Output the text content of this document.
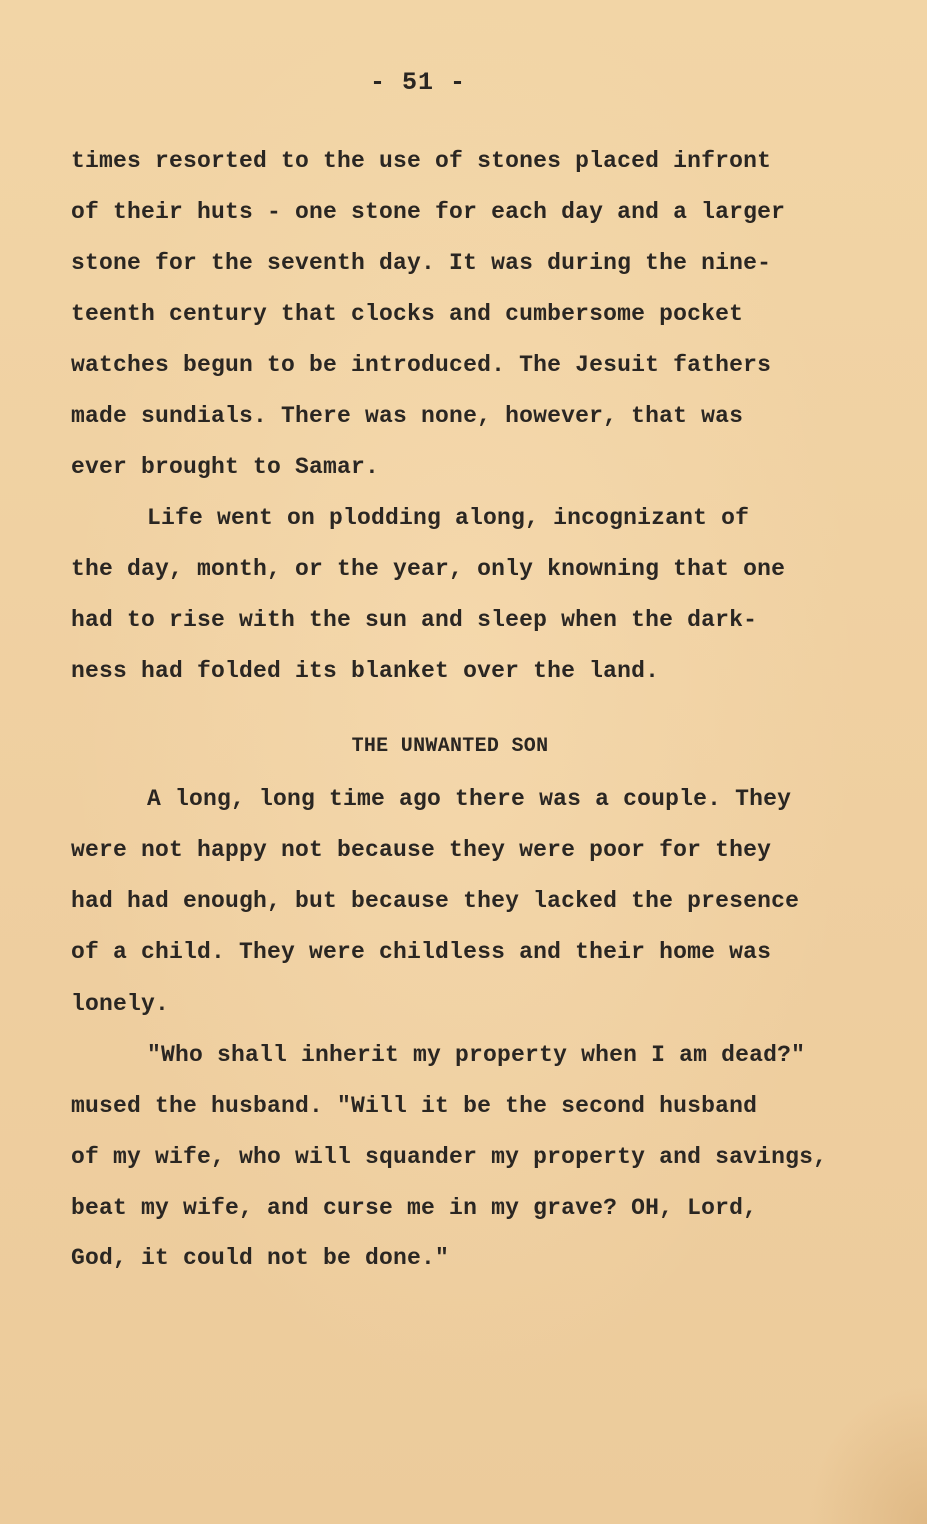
- 51 -
times resorted to the use of stones placed infront
of their huts - one stone for each day and a larger
stone for the seventh day. It was during the nine-
teenth century that clocks and cumbersome pocket
watches begun to be introduced. The Jesuit fathers
made sundials. There was none, however, that was
ever brought to Samar.
Life went on plodding along, incognizant of
the day, month, or the year, only knowning that one
had to rise with the sun and sleep when the dark-
ness had folded its blanket over the land.
THE UNWANTED SON
A long, long time ago there was a couple. They
were not happy not because they were poor for they
had had enough, but because they lacked the presence
of a child. They were childless and their home was
lonely.
"Who shall inherit my property when I am dead?"
mused the husband. "Will it be the second husband
of my wife, who will squander my property and savings,
beat my wife, and curse me in my grave? OH, Lord,
God, it could not be done."
